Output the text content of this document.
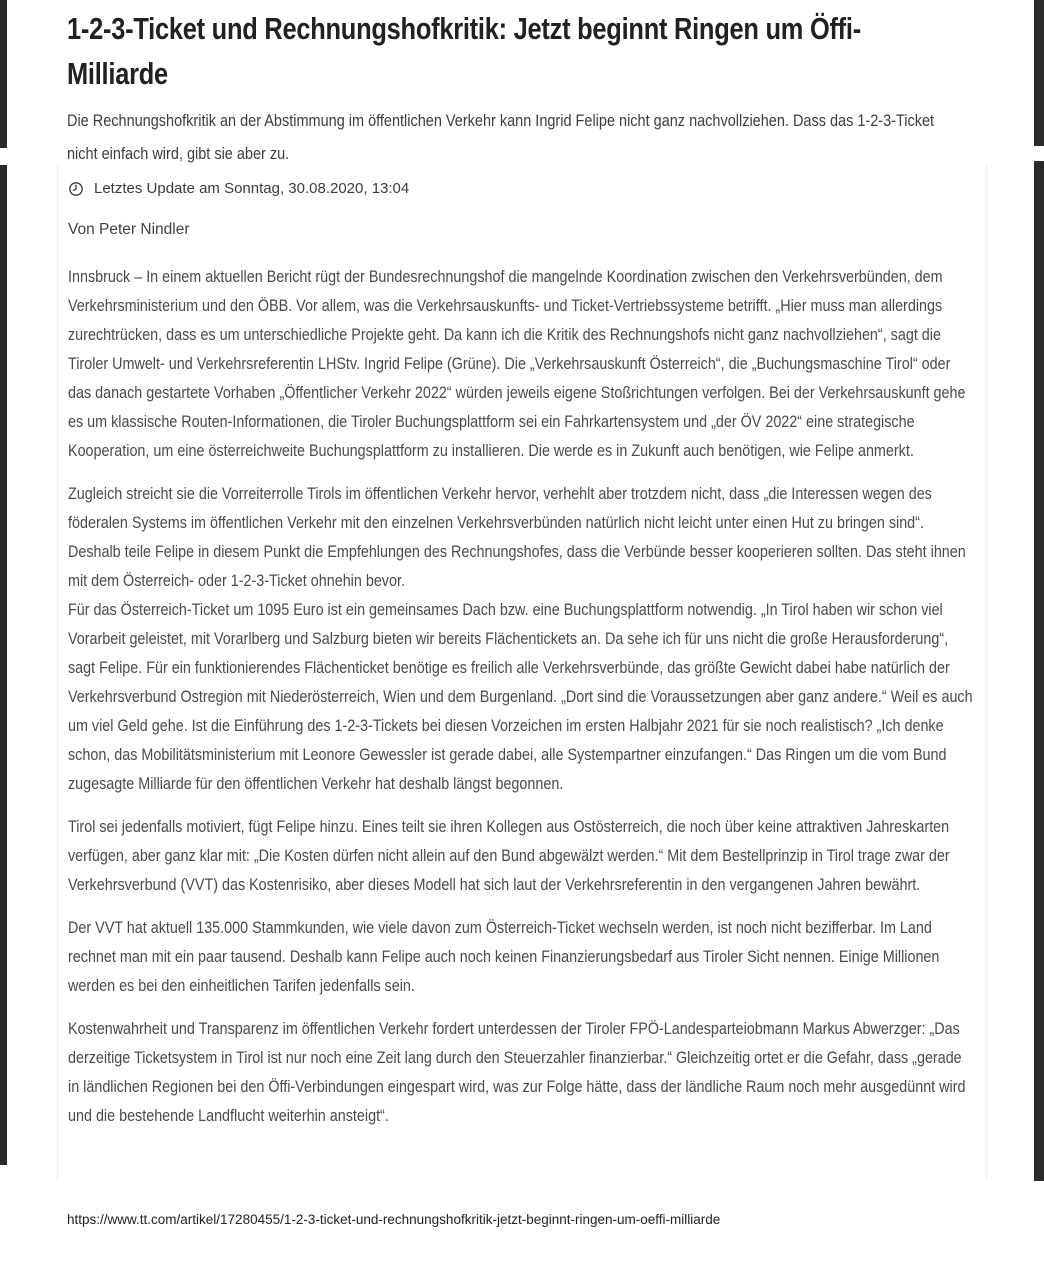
1-2-3-Ticket und Rechnungshofkritik: Jetzt beginnt Ringen um Öffi-Milliarde

Die Rechnungshofkritik an der Abstimmung im öffentlichen Verkehr kann Ingrid Felipe nicht ganz nachvollziehen. Dass das 1-2-3-Ticket nicht einfach wird, gibt sie aber zu.

Letztes Update am Sonntag, 30.08.2020, 13:04
Von Peter Nindler

Innsbruck – In einem aktuellen Bericht rügt der Bundesrechnungshof die mangelnde Koordination zwischen den Verkehrsverbünden, dem Verkehrsministerium und den ÖBB. Vor allem, was die Verkehrsauskunfts- und Ticket-Vertriebssysteme betrifft. „Hier muss man allerdings zurechtrücken, dass es um unterschiedliche Projekte geht. Da kann ich die Kritik des Rechnungshofs nicht ganz nachvollziehen“, sagt die Tiroler Umwelt- und Verkehrsreferentin LHStv. Ingrid Felipe (Grüne). Die „Verkehrsauskunft Österreich“, die „Buchungsmaschine Tirol“ oder das danach gestartete Vorhaben „Öffentlicher Verkehr 2022“ würden jeweils eigene Stoßrichtungen verfolgen. Bei der Verkehrsauskunft gehe es um klassische Routen-Informationen, die Tiroler Buchungsplattform sei ein Fahrkartensystem und „der ÖV 2022“ eine strategische Kooperation, um eine österreichweite Buchungsplattform zu installieren. Die werde es in Zukunft auch benötigen, wie Felipe anmerkt.

Zugleich streicht sie die Vorreiterrolle Tirols im öffentlichen Verkehr hervor, verhehlt aber trotzdem nicht, dass „die Interessen wegen des föderalen Systems im öffentlichen Verkehr mit den einzelnen Verkehrsverbünden natürlich nicht leicht unter einen Hut zu bringen sind“. Deshalb teile Felipe in diesem Punkt die Empfehlungen des Rechnungshofes, dass die Verbünde besser kooperieren sollten. Das steht ihnen mit dem Österreich- oder 1-2-3-Ticket ohnehin bevor.

Für das Österreich-Ticket um 1095 Euro ist ein gemeinsames Dach bzw. eine Buchungsplattform notwendig. „In Tirol haben wir schon viel Vorarbeit geleistet, mit Vorarlberg und Salzburg bieten wir bereits Flächentickets an. Da sehe ich für uns nicht die große Herausforderung“, sagt Felipe. Für ein funktionierendes Flächenticket benötige es freilich alle Verkehrsverbünde, das größte Gewicht dabei habe natürlich der Verkehrsverbund Ostregion mit Niederösterreich, Wien und dem Burgenland. „Dort sind die Voraussetzungen aber ganz andere.“ Weil es auch um viel Geld gehe. Ist die Einführung des 1-2-3-Tickets bei diesen Vorzeichen im ersten Halbjahr 2021 für sie noch realistisch? „Ich denke schon, das Mobilitätsministerium mit Leonore Gewessler ist gerade dabei, alle Systempartner einzufangen.“ Das Ringen um die vom Bund zugesagte Milliarde für den öffentlichen Verkehr hat deshalb längst begonnen.

Tirol sei jedenfalls motiviert, fügt Felipe hinzu. Eines teilt sie ihren Kollegen aus Ostösterreich, die noch über keine attraktiven Jahreskarten verfügen, aber ganz klar mit: „Die Kosten dürfen nicht allein auf den Bund abgewälzt werden.“ Mit dem Bestellprinzip in Tirol trage zwar der Verkehrsverbund (VVT) das Kostenrisiko, aber dieses Modell hat sich laut der Verkehrsreferentin in den vergangenen Jahren bewährt.

Der VVT hat aktuell 135.000 Stammkunden, wie viele davon zum Österreich-Ticket wechseln werden, ist noch nicht bezifferbar. Im Land rechnet man mit ein paar tausend. Deshalb kann Felipe auch noch keinen Finanzierungsbedarf aus Tiroler Sicht nennen. Einige Millionen werden es bei den einheitlichen Tarifen jedenfalls sein.

Kostenwahrheit und Transparenz im öffentlichen Verkehr fordert unterdessen der Tiroler FPÖ-Landesparteiobmann Markus Abwerzger: „Das derzeitige Ticketsystem in Tirol ist nur noch eine Zeit lang durch den Steuerzahler finanzierbar.“ Gleichzeitig ortet er die Gefahr, dass „gerade in ländlichen Regionen bei den Öffi-Verbindungen eingespart wird, was zur Folge hätte, dass der ländliche Raum noch mehr ausgedünnt wird und die bestehende Landflucht weiterhin ansteigt“.

https://www.tt.com/artikel/17280455/1-2-3-ticket-und-rechnungshofkritik-jetzt-beginnt-ringen-um-oeffi-milliarde
